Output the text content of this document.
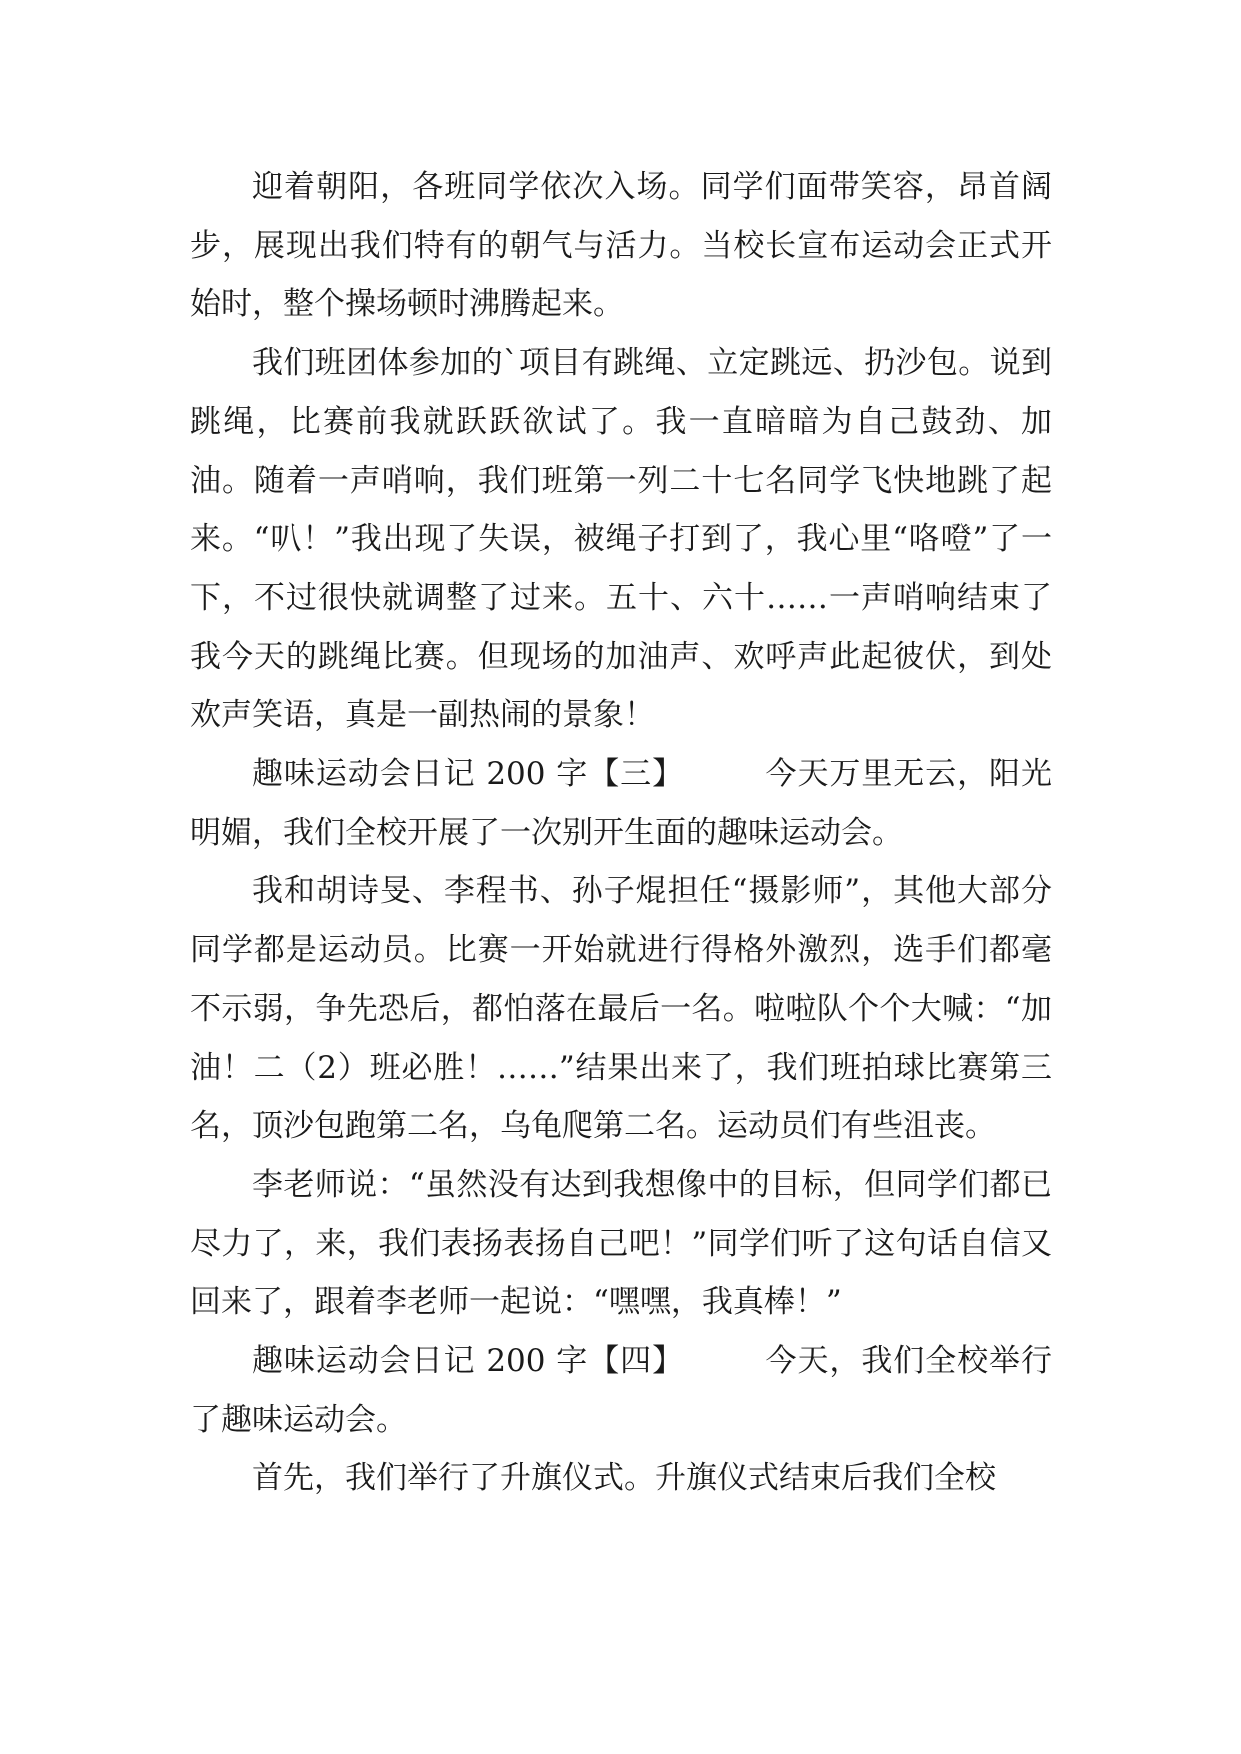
迎着朝阳，各班同学依次入场。同学们面带笑容，昂首阔步，展现出我们特有的朝气与活力。当校长宣布运动会正式开始时，整个操场顿时沸腾起来。

我们班团体参加的`项目有跳绳、立定跳远、扔沙包。说到跳绳，比赛前我就跃跃欲试了。我一直暗暗为自己鼓劲、加油。随着一声哨响，我们班第一列二十七名同学飞快地跳了起来。“叭！”我出现了失误，被绳子打到了，我心里“咯噔”了一下，不过很快就调整了过来。五十、六十……一声哨响结束了我今天的跳绳比赛。但现场的加油声、欢呼声此起彼伏，到处欢声笑语，真是一副热闹的景象！

趣味运动会日记 200 字【三】	今天万里无云，阳光明媚，我们全校开展了一次别开生面的趣味运动会。

我和胡诗旻、李程书、孙子焜担任“摄影师”，其他大部分同学都是运动员。比赛一开始就进行得格外激烈，选手们都毫不示弱，争先恐后，都怕落在最后一名。啦啦队个个大喊：“加油！二（2）班必胜！……”结果出来了，我们班拍球比赛第三名，顶沙包跑第二名，乌龟爬第二名。运动员们有些沮丧。

李老师说：“虽然没有达到我想像中的目标，但同学们都已尽力了，来，我们表扬表扬自己吧！”同学们听了这句话自信又回来了，跟着李老师一起说：“嘿嘿，我真棒！”

趣味运动会日记 200 字【四】	今天，我们全校举行了趣味运动会。

首先，我们举行了升旗仪式。升旗仪式结束后我们全校
